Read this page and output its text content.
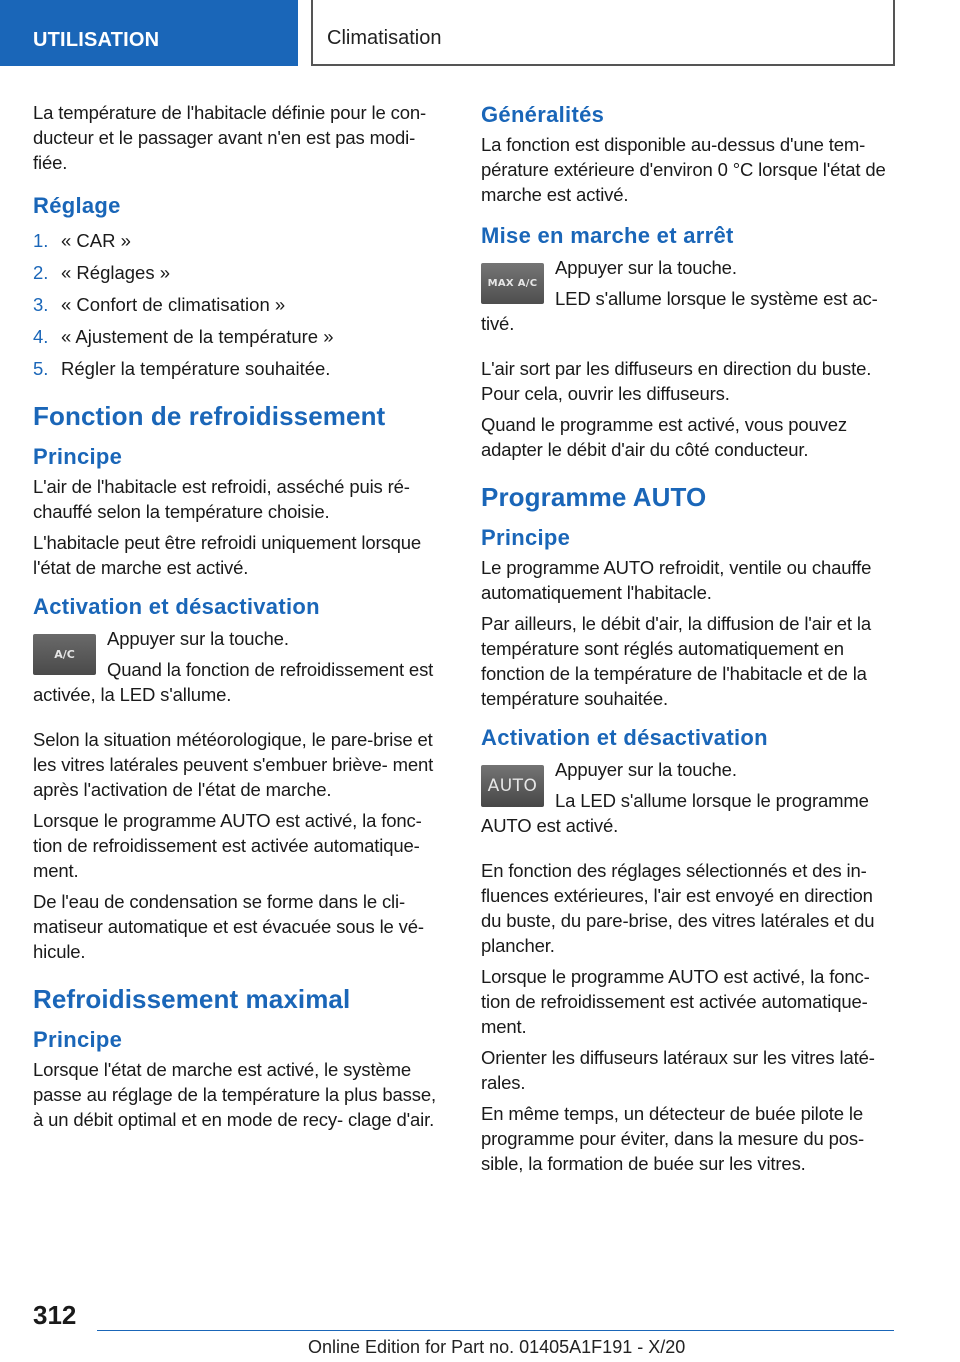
UTILISATION	Climatisation

La température de l'habitacle définie pour le con- ducteur et le passager avant n'en est pas modi- fiée.

Réglage
1. « CAR »
2. « Réglages »
3. « Confort de climatisation »
4. « Ajustement de la température »
5. Régler la température souhaitée.
Fonction de refroidissement
Principe

L'air de l'habitacle est refroidi, asséché puis ré- chauffé selon la température choisie.

L'habitacle peut être refroidi uniquement lorsque l'état de marche est activé.

Activation et désactivation
A/C

Appuyer sur la touche.

Quand la fonction de refroidissement est activée, la LED s'allume.

Selon la situation météorologique, le pare-brise et les vitres latérales peuvent s'embuer briève- ment après l'activation de l'état de marche.

Lorsque le programme AUTO est activé, la fonc- tion de refroidissement est activée automatique- ment.

De l'eau de condensation se forme dans le cli- matiseur automatique et est évacuée sous le vé- hicule.

Refroidissement maximal
Principe

Lorsque l'état de marche est activé, le système passe au réglage de la température la plus basse, à un débit optimal et en mode de recy- clage d'air.

Généralités

La fonction est disponible au-dessus d'une tem- pérature extérieure d'environ 0 °C lorsque l'état de marche est activé.

Mise en marche et arrêt
MAX A/C

Appuyer sur la touche.

LED s'allume lorsque le système est ac- tivé.

L'air sort par les diffuseurs en direction du buste. Pour cela, ouvrir les diffuseurs.

Quand le programme est activé, vous pouvez adapter le débit d'air du côté conducteur.

Programme AUTO
Principe

Le programme AUTO refroidit, ventile ou chauffe automatiquement l'habitacle.

Par ailleurs, le débit d'air, la diffusion de l'air et la température sont réglés automatiquement en fonction de la température de l'habitacle et de la température souhaitée.

Activation et désactivation
AUTO

Appuyer sur la touche.

La LED s'allume lorsque le programme AUTO est activé.

En fonction des réglages sélectionnés et des in- fluences extérieures, l'air est envoyé en direction du buste, du pare-brise, des vitres latérales et du plancher.

Lorsque le programme AUTO est activé, la fonc- tion de refroidissement est activée automatique- ment.

Orienter les diffuseurs latéraux sur les vitres laté- rales.

En même temps, un détecteur de buée pilote le programme pour éviter, dans la mesure du pos- sible, la formation de buée sur les vitres.

312
Online Edition for Part no. 01405A1F191 - X/20
